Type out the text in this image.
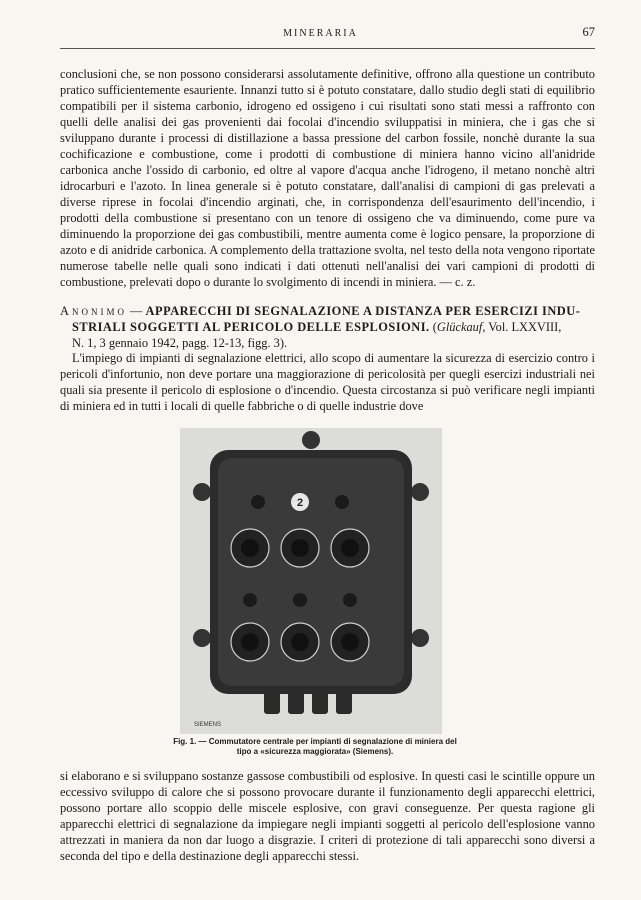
MINERARIA	67

conclusioni che, se non possono considerarsi assolutamente definitive, offrono alla questione un contributo pratico sufficientemente esauriente. Innanzi tutto si è potuto constatare, dallo studio degli stati di equilibrio compatibili per il sistema carbonio, idrogeno ed ossigeno i cui risultati sono stati messi a raffronto con quelli delle analisi dei gas provenienti dai focolai d'incendio sviluppatisi in miniera, che i gas che si sviluppano durante i processi di distillazione a bassa pressione del carbon fossile, nonchè durante la sua cochificazione e combustione, come i prodotti di combustione di miniera hanno vicino all'anidride carbonica anche l'ossido di carbonio, ed oltre al vapore d'acqua anche l'idrogeno, il metano nonchè altri idrocarburi e l'azoto. In linea generale si è potuto constatare, dall'analisi di campioni di gas prelevati a diverse riprese in focolai d'incendio arginati, che, in corrispondenza dell'esaurimento dell'incendio, i prodotti della combustione si presentano con un tenore di ossigeno che va diminuendo, come pure va diminuendo la proporzione dei gas combustibili, mentre aumenta come è logico pensare, la proporzione di azoto e di anidride carbonica. A complemento della trattazione svolta, nel testo della nota vengono riportate numerose tabelle nelle quali sono indicati i dati ottenuti nell'analisi dei vari campioni di prodotti di combustione, prelevati dopo o durante lo svolgimento di incendi in miniera. — c. z.

Anonimo — APPARECCHI DI SEGNALAZIONE A DISTANZA PER ESERCIZI INDU-
STRIALI SOGGETTI AL PERICOLO DELLE ESPLOSIONI. (Glückauf, Vol. LXXVIII,
N. 1, 3 gennaio 1942, pagg. 12-13, figg. 3).

L'impiego di impianti di segnalazione elettrici, allo scopo di aumentare la sicurezza di esercizio contro i pericoli d'infortunio, non deve portare una maggiorazione di pericolosità per quegli esercizi industriali nei quali sia presente il pericolo di esplosione o d'incendio. Questa circostanza si può verificare negli impianti di miniera ed in tutti i locali di quelle fabbriche o di quelle industrie dove

2
SIEMENS
Fig. 1. — Commutatore centrale per impianti di segnalazione di miniera del tipo a «sicurezza maggiorata» (Siemens).

si elaborano e si sviluppano sostanze gassose combustibili od esplosive. In questi casi le scintille oppure un eccessivo sviluppo di calore che si possono provocare durante il funzionamento degli apparecchi elettrici, possono portare allo scoppio delle miscele esplosive, con gravi conseguenze. Per questa ragione gli apparecchi elettrici di segnalazione da impiegare negli impianti soggetti al pericolo dell'esplosione vanno attrezzati in maniera da non dar luogo a disgrazie. I criteri di protezione di tali apparecchi sono diversi a seconda del tipo e della destinazione degli apparecchi stessi.
